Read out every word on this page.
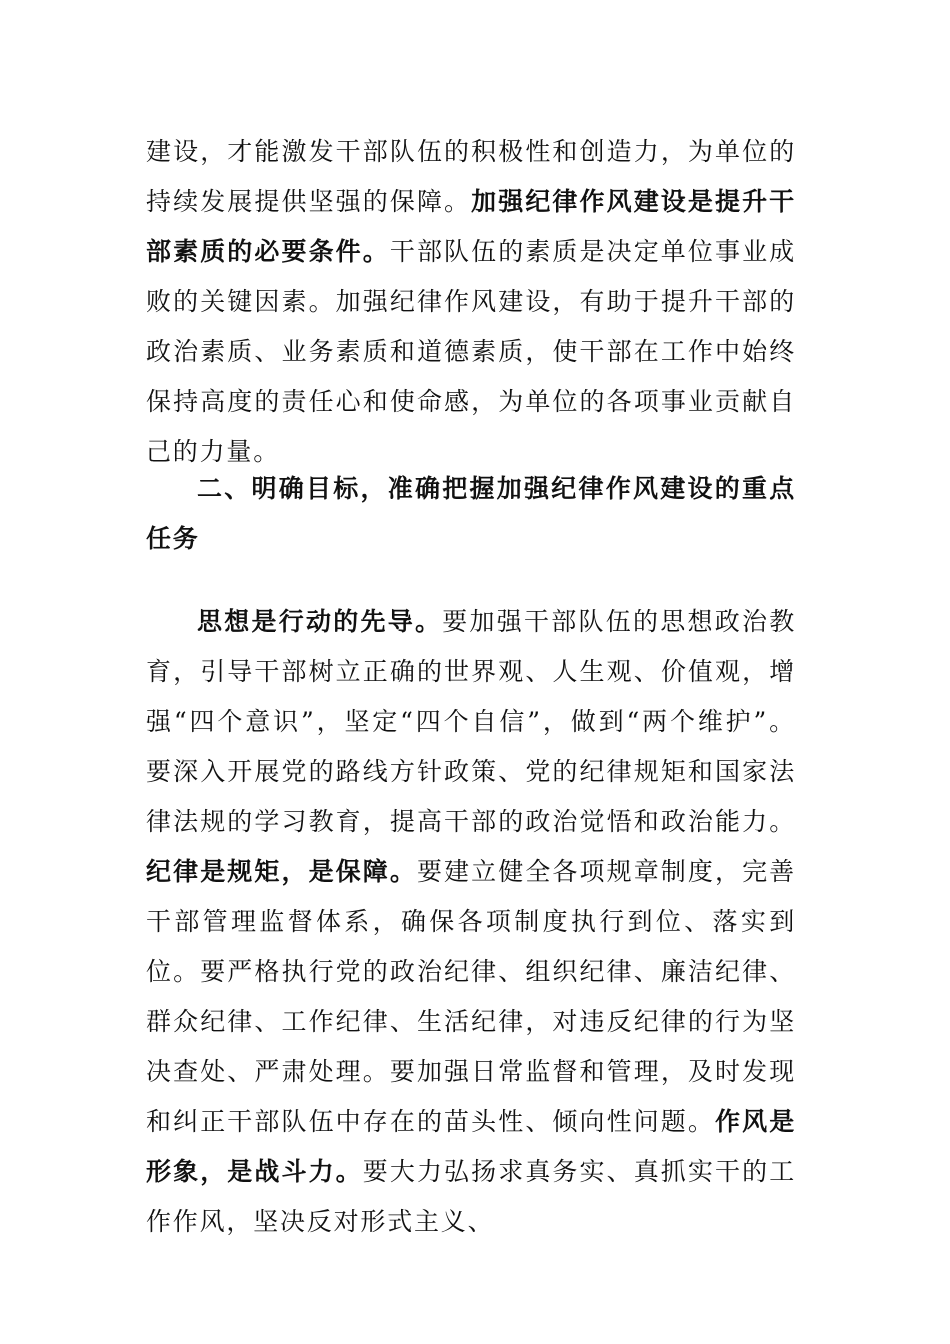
建设，才能激发干部队伍的积极性和创造力，为单位的持续发展提供坚强的保障。加强纪律作风建设是提升干部素质的必要条件。干部队伍的素质是决定单位事业成败的关键因素。加强纪律作风建设，有助于提升干部的政治素质、业务素质和道德素质，使干部在工作中始终保持高度的责任心和使命感，为单位的各项事业贡献自己的力量。

二、明确目标，准确把握加强纪律作风建设的重点任务

思想是行动的先导。要加强干部队伍的思想政治教育，引导干部树立正确的世界观、人生观、价值观，增强“四个意识”，坚定“四个自信”，做到“两个维护”。要深入开展党的路线方针政策、党的纪律规矩和国家法律法规的学习教育，提高干部的政治觉悟和政治能力。纪律是规矩，是保障。要建立健全各项规章制度，完善干部管理监督体系，确保各项制度执行到位、落实到位。要严格执行党的政治纪律、组织纪律、廉洁纪律、群众纪律、工作纪律、生活纪律，对违反纪律的行为坚决查处、严肃处理。要加强日常监督和管理，及时发现和纠正干部队伍中存在的苗头性、倾向性问题。作风是形象，是战斗力。要大力弘扬求真务实、真抓实干的工作作风，坚决反对形式主义、
